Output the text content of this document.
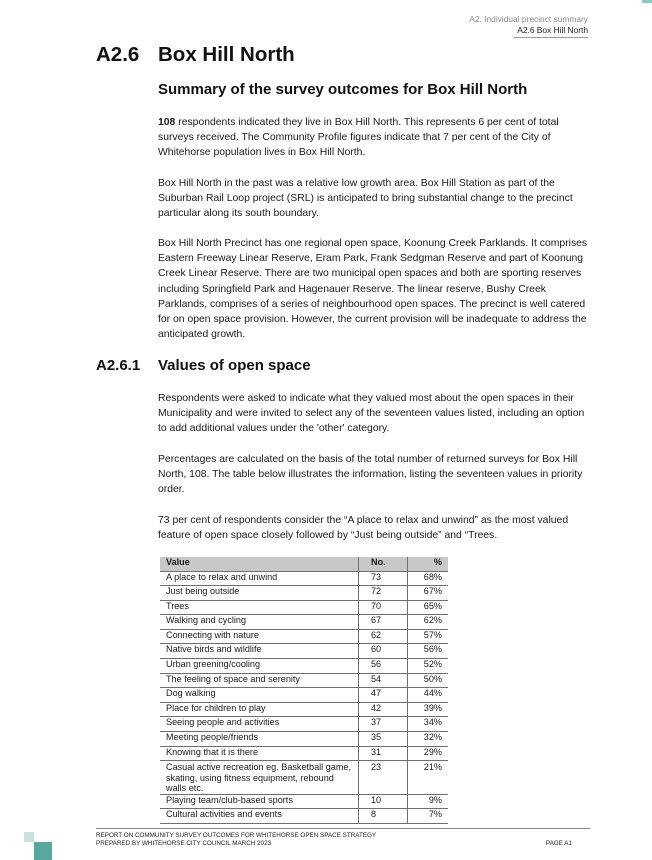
A2. Individual precinct summary
A2.6 Box Hill North
A2.6 Box Hill North
Summary of the survey outcomes for Box Hill North
108 respondents indicated they live in Box Hill North. This represents 6 per cent of total surveys received. The Community Profile figures indicate that 7 per cent of the City of Whitehorse population lives in Box Hill North.
Box Hill North in the past was a relative low growth area. Box Hill Station as part of the Suburban Rail Loop project (SRL) is anticipated to bring substantial change to the precinct particular along its south boundary.
Box Hill North Precinct has one regional open space, Koonung Creek Parklands. It comprises Eastern Freeway Linear Reserve, Eram Park, Frank Sedgman Reserve and part of Koonung Creek Linear Reserve. There are two municipal open spaces and both are sporting reserves including Springfield Park and Hagenauer Reserve. The linear reserve, Bushy Creek Parklands, comprises of a series of neighbourhood open spaces. The precinct is well catered for on open space provision. However, the current provision will be inadequate to address the anticipated growth.
A2.6.1 Values of open space
Respondents were asked to indicate what they valued most about the open spaces in their Municipality and were invited to select any of the seventeen values listed, including an option to add additional values under the 'other' category.
Percentages are calculated on the basis of the total number of returned surveys for Box Hill North, 108. The table below illustrates the information, listing the seventeen values in priority order.
73 per cent of respondents consider the “A place to relax and unwind” as the most valued feature of open space closely followed by “Just being outside” and “Trees.
Value	No.	%
A place to relax and unwind	73	68%
Just being outside	72	67%
Trees	70	65%
Walking and cycling	67	62%
Connecting with nature	62	57%
Native birds and wildlife	60	56%
Urban greening/cooling	56	52%
The feeling of space and serenity	54	50%
Dog walking	47	44%
Place for children to play	42	39%
Seeing people and activities	37	34%
Meeting people/friends	35	32%
Knowing that it is there	31	29%
Casual active recreation eg. Basketball game, skating, using fitness equipment, rebound walls etc.	23	21%
Playing team/club-based sports	10	9%
Cultural activities and events	8	7%
REPORT ON COMMUNITY SURVEY OUTCOMES FOR WHITEHORSE OPEN SPACE STRATEGY
PREPARED BY WHITEHORSE CITY COUNCIL MARCH 2023	PAGE A1
